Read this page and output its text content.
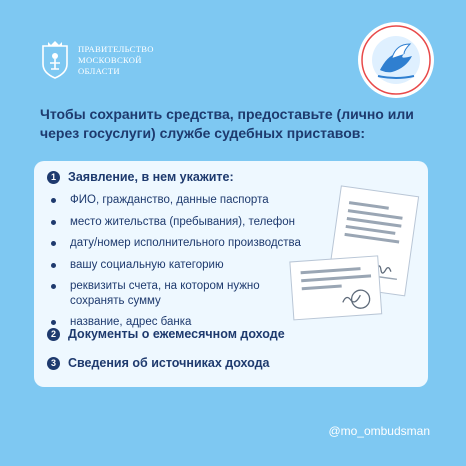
ПРАВИТЕЛЬСТВО
МОСКОВСКОЙ
ОБЛАСТИ
Чтобы сохранить средства, предоставьте (лично или через госуслуги) службе судебных приставов:
1 Заявление, в нем укажите:
ФИО, гражданство, данные паспорта
место жительства (пребывания), телефон
дату/номер исполнительного производства
вашу социальную категорию
реквизиты счета, на котором нужно сохранять сумму
название, адрес банка
2 Документы о ежемесячном доходе
3 Сведения об источниках дохода
@mo_ombudsman
